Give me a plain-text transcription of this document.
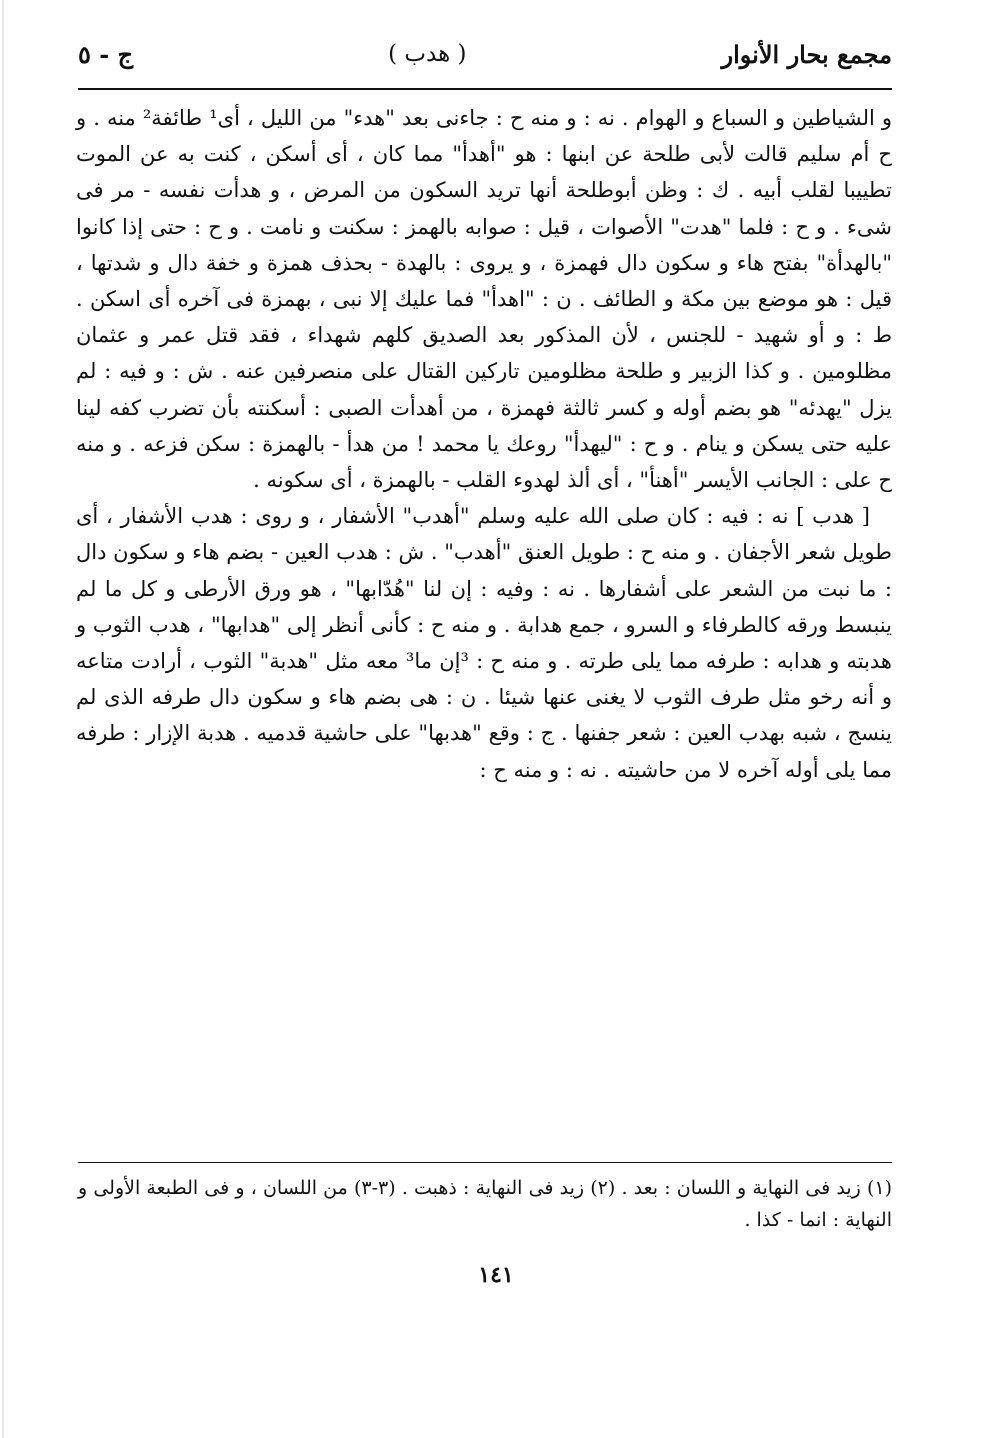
مجمع بحار الأنوار
( هدب )
ج - ٥

و الشياطين و السباع و الهوام . نه : و منه ح : جاءنى بعد "هدء" من الليل ، أى¹ طائفة² منه . و ح أم سليم قالت لأبى طلحة عن ابنها : هو "أهدأ" مما كان ، أى أسكن ، كنت به عن الموت تطييبا لقلب أبيه . ك : وظن أبوطلحة أنها تريد السكون من المرض ، و هدأت نفسه - مر فى شىء . و ح : فلما "هدت" الأصوات ، قيل : صوابه بالهمز : سكنت و نامت . و ح : حتى إذا كانوا "بالهدأة" بفتح هاء و سكون دال فهمزة ، و يروى : بالهدة - بحذف همزة و خفة دال و شدتها ، قيل : هو موضع بين مكة و الطائف . ن : "اهدأ" فما عليك إلا نبى ، بهمزة فى آخره أى اسكن . ط : و أو شهيد - للجنس ، لأن المذكور بعد الصديق كلهم شهداء ، فقد قتل عمر و عثمان مظلومين . و كذا الزبير و طلحة مظلومين تاركين القتال على منصرفين عنه . ش : و فيه : لم يزل "يهدئه" هو بضم أوله و كسر ثالثة فهمزة ، من أهدأت الصبى : أسكنته بأن تضرب كفه لينا عليه حتى يسكن و ينام . و ح : "ليهدأ" روعك يا محمد ! من هدأ - بالهمزة : سكن فزعه . و منه ح على : الجانب الأيسر "أهنأ" ، أى ألذ لهدوء القلب - بالهمزة ، أى سكونه .

[ هدب ] نه : فيه : كان صلى الله عليه وسلم "أهدب" الأشفار ، و روى : هدب الأشفار ، أى طويل شعر الأجفان . و منه ح : طويل العنق "أهدب" . ش : هدب العين - بضم هاء و سكون دال : ما نبت من الشعر على أشفارها . نه : وفيه : إن لنا "هُدّابها" ، هو ورق الأرطى و كل ما لم ينبسط ورقه كالطرفاء و السرو ، جمع هدابة . و منه ح : كأنى أنظر إلى "هدابها" ، هدب الثوب و هدبته و هدابه : طرفه مما يلى طرته . و منه ح : ³إن ما³ معه مثل "هدبة" الثوب ، أرادت متاعه و أنه رخو مثل طرف الثوب لا يغنى عنها شيئا . ن : هى بضم هاء و سكون دال طرفه الذى لم ينسج ، شبه بهدب العين : شعر جفنها . ج : وقع "هدبها" على حاشية قدميه . هدبة الإزار : طرفه مما يلى أوله آخره لا من حاشيته . نه : و منه ح :

(١) زيد فى النهاية و اللسان : بعد . (٢) زيد فى النهاية : ذهبت . (٣-٣) من اللسان ، و فى الطبعة الأولى و النهاية : انما - كذا .

١٤١
